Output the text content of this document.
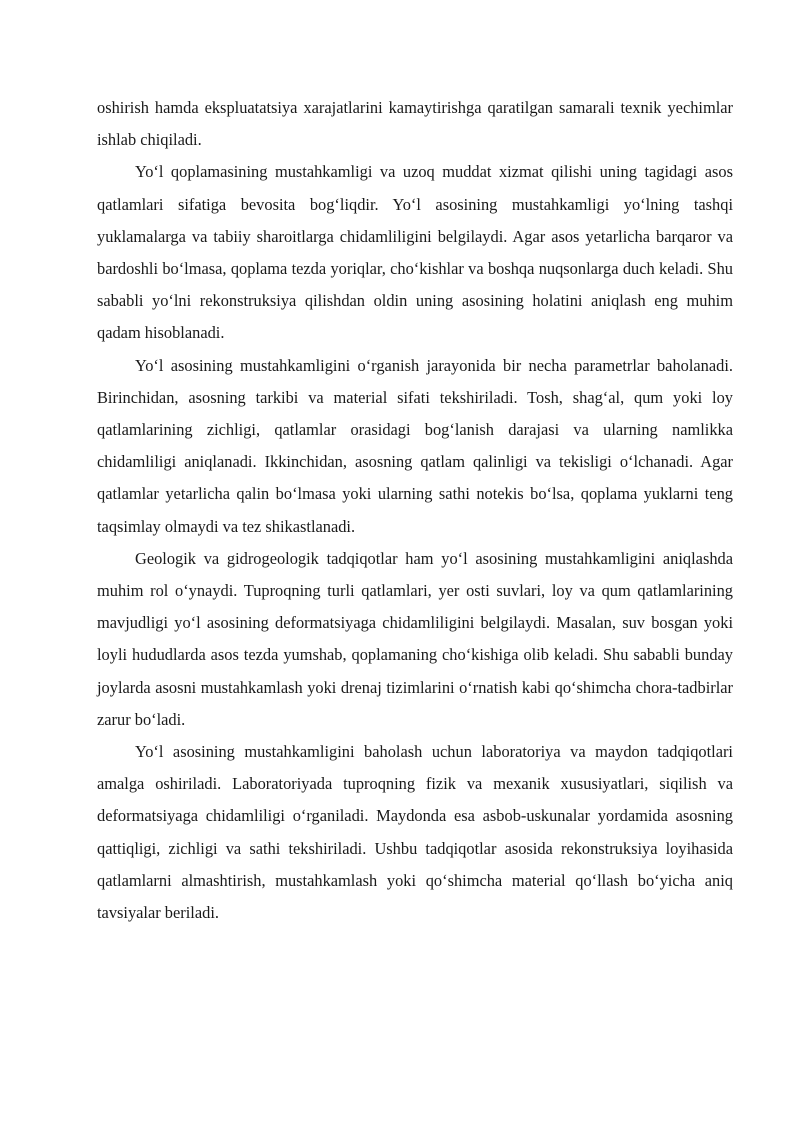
oshirish hamda ekspluatatsiya xarajatlarini kamaytirishga qaratilgan samarali texnik yechimlar ishlab chiqiladi.

Yo‘l qoplamasining mustahkamligi va uzoq muddat xizmat qilishi uning tagidagi asos qatlamlari sifatiga bevosita bog‘liqdir. Yo‘l asosining mustahkamligi yo‘lning tashqi yuklamalarga va tabiiy sharoitlarga chidamliligini belgilaydi. Agar asos yetarlicha barqaror va bardoshli bo‘lmasa, qoplama tezda yoriqlar, cho‘kishlar va boshqa nuqsonlarga duch keladi. Shu sababli yo‘lni rekonstruksiya qilishdan oldin uning asosining holatini aniqlash eng muhim qadam hisoblanadi.

Yo‘l asosining mustahkamligini o‘rganish jarayonida bir necha parametrlar baholanadi. Birinchidan, asosning tarkibi va material sifati tekshiriladi. Tosh, shag‘al, qum yoki loy qatlamlarining zichligi, qatlamlar orasidagi bog‘lanish darajasi va ularning namlikka chidamliligi aniqlanadi. Ikkinchidan, asosning qatlam qalinligi va tekisligi o‘lchanadi. Agar qatlamlar yetarlicha qalin bo‘lmasa yoki ularning sathi notekis bo‘lsa, qoplama yuklarni teng taqsimlay olmaydi va tez shikastlanadi.

Geologik va gidrogeologik tadqiqotlar ham yo‘l asosining mustahkamligini aniqlashda muhim rol o‘ynaydi. Tuproqning turli qatlamlari, yer osti suvlari, loy va qum qatlamlarining mavjudligi yo‘l asosining deformatsiyaga chidamliligini belgilaydi. Masalan, suv bosgan yoki loyli hududlarda asos tezda yumshab, qoplamaning cho‘kishiga olib keladi. Shu sababli bunday joylarda asosni mustahkamlash yoki drenaj tizimlarini o‘rnatish kabi qo‘shimcha chora-tadbirlar zarur bo‘ladi.

Yo‘l asosining mustahkamligini baholash uchun laboratoriya va maydon tadqiqotlari amalga oshiriladi. Laboratoriyada tuproqning fizik va mexanik xususiyatlari, siqilish va deformatsiyaga chidamliligi o‘rganiladi. Maydonda esa asbob-uskunalar yordamida asosning qattiqligi, zichligi va sathi tekshiriladi. Ushbu tadqiqotlar asosida rekonstruksiya loyihasida qatlamlarni almashtirish, mustahkamlash yoki qo‘shimcha material qo‘llash bo‘yicha aniq tavsiyalar beriladi.
